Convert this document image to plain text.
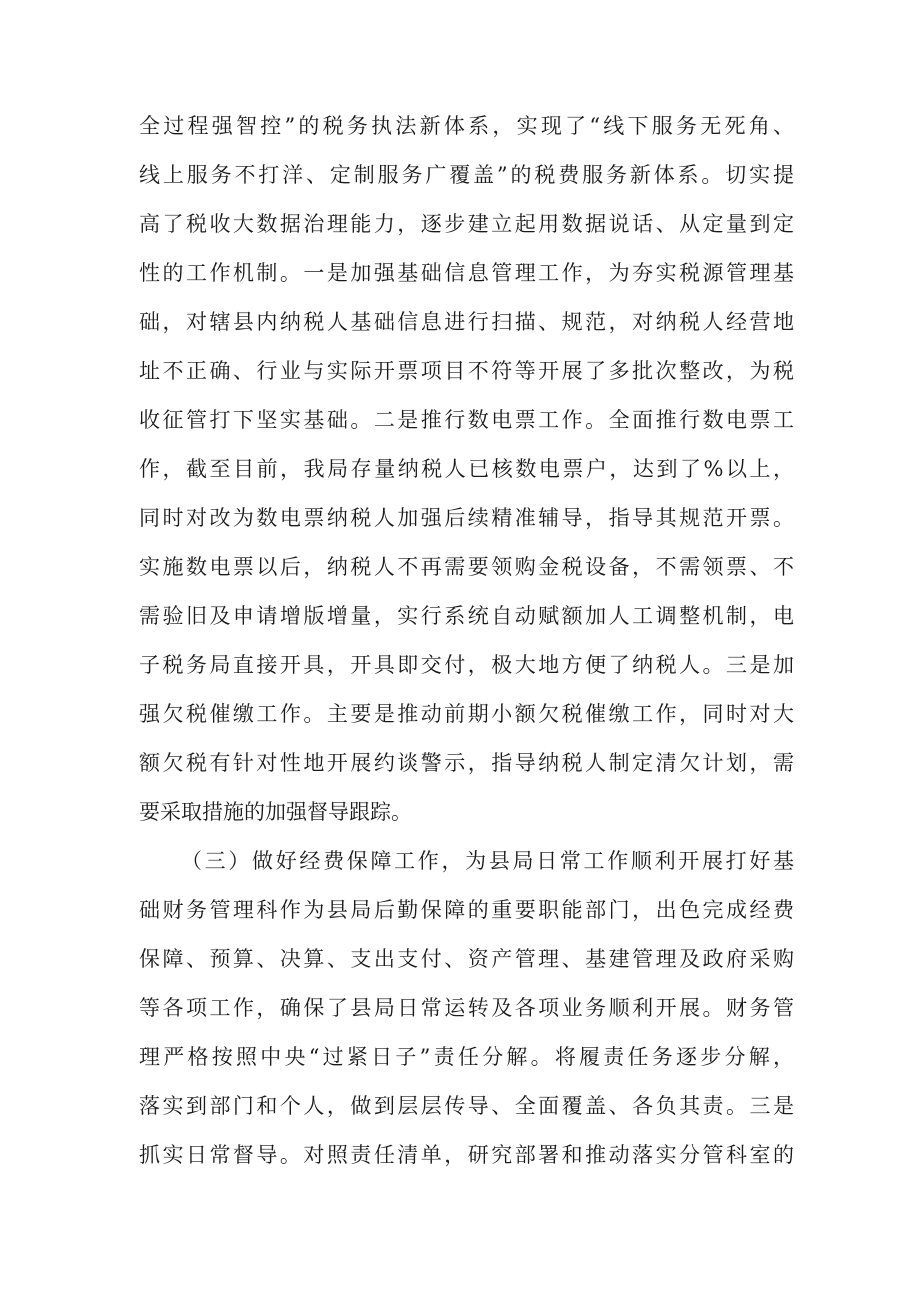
全过程强智控”的税务执法新体系，实现了“线下服务无死角、
线上服务不打洋、定制服务广覆盖”的税费服务新体系。切实提
高了税收大数据治理能力，逐步建立起用数据说话、从定量到定
性的工作机制。一是加强基础信息管理工作，为夯实税源管理基
础，对辖县内纳税人基础信息进行扫描、规范，对纳税人经营地
址不正确、行业与实际开票项目不符等开展了多批次整改，为税
收征管打下坚实基础。二是推行数电票工作。全面推行数电票工
作，截至目前，我局存量纳税人已核数电票户，达到了%以上，
同时对改为数电票纳税人加强后续精准辅导，指导其规范开票。
实施数电票以后，纳税人不再需要领购金税设备，不需领票、不
需验旧及申请增版增量，实行系统自动赋额加人工调整机制，电
子税务局直接开具，开具即交付，极大地方便了纳税人。三是加
强欠税催缴工作。主要是推动前期小额欠税催缴工作，同时对大
额欠税有针对性地开展约谈警示，指导纳税人制定清欠计划，需
要采取措施的加强督导跟踪。
（三）做好经费保障工作，为县局日常工作顺利开展打好基
础财务管理科作为县局后勤保障的重要职能部门，出色完成经费
保障、预算、决算、支出支付、资产管理、基建管理及政府采购
等各项工作，确保了县局日常运转及各项业务顺利开展。财务管
理严格按照中央“过紧日子”责任分解。将履责任务逐步分解，
落实到部门和个人，做到层层传导、全面覆盖、各负其责。三是
抓实日常督导。对照责任清单，研究部署和推动落实分管科室的
